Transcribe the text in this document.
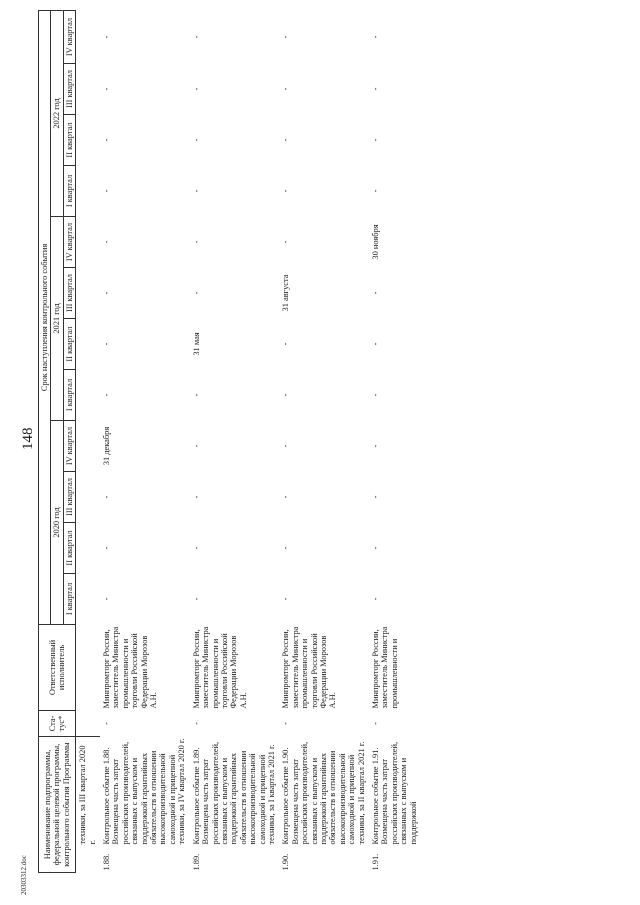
148
20303312.doc
Наименование подпрограммы, федеральной целевой программы, контрольного события Программы		Ста-тус*	Ответственный исполнитель	Срок наступления контрольного события											
				2020 год				2021 год				2022 год			
				I квартал	II квартал	III квартал	IV квартал	I квартал	II квартал	III квартал	IV квартал	I квартал	II квартал	III квартал	IV квартал
	техники, за III квартал 2020 г.														
1.88.	Контрольное событие 1.88. Возмещена часть затрат российских производителей, связанных с выпуском и поддержкой гарантийных обязательств в отношении высокопроизводительной самоходной и прицепной техники, за IV квартал 2020 г.	-	Минпромторг России, заместитель Министра промышленности и торговли Российской Федерации Морозов А.Н.	-	-	-	31 декабря	-	-	-	-	-	-	-	-
1.89.	Контрольное событие 1.89. Возмещена часть затрат российских производителей, связанных с выпуском и поддержкой гарантийных обязательств в отношении высокопроизводительной самоходной и прицепной техники, за I квартал 2021 г.	-	Минпромторг России, заместитель Министра промышленности и торговли Российской Федерации Морозов А.Н.	-	-	-	-	-	31 мая	-	-	-	-	-	-
1.90.	Контрольное событие 1.90. Возмещена часть затрат российских производителей, связанных с выпуском и поддержкой гарантийных обязательств в отношении высокопроизводительной самоходной и прицепной техники, за II квартал 2021 г.	-	Минпромторг России, заместитель Министра промышленности и торговли Российской Федерации Морозов А.Н.	-	-	-	-	-	-	31 августа	-	-	-	-	-
1.91.	Контрольное событие 1.91. Возмещена часть затрат российских производителей, связанных с выпуском и поддержкой	-	Минпромторг России, заместитель Министра промышленности и	-	-	-	-	-	-	-	30 ноября	-	-	-	-
